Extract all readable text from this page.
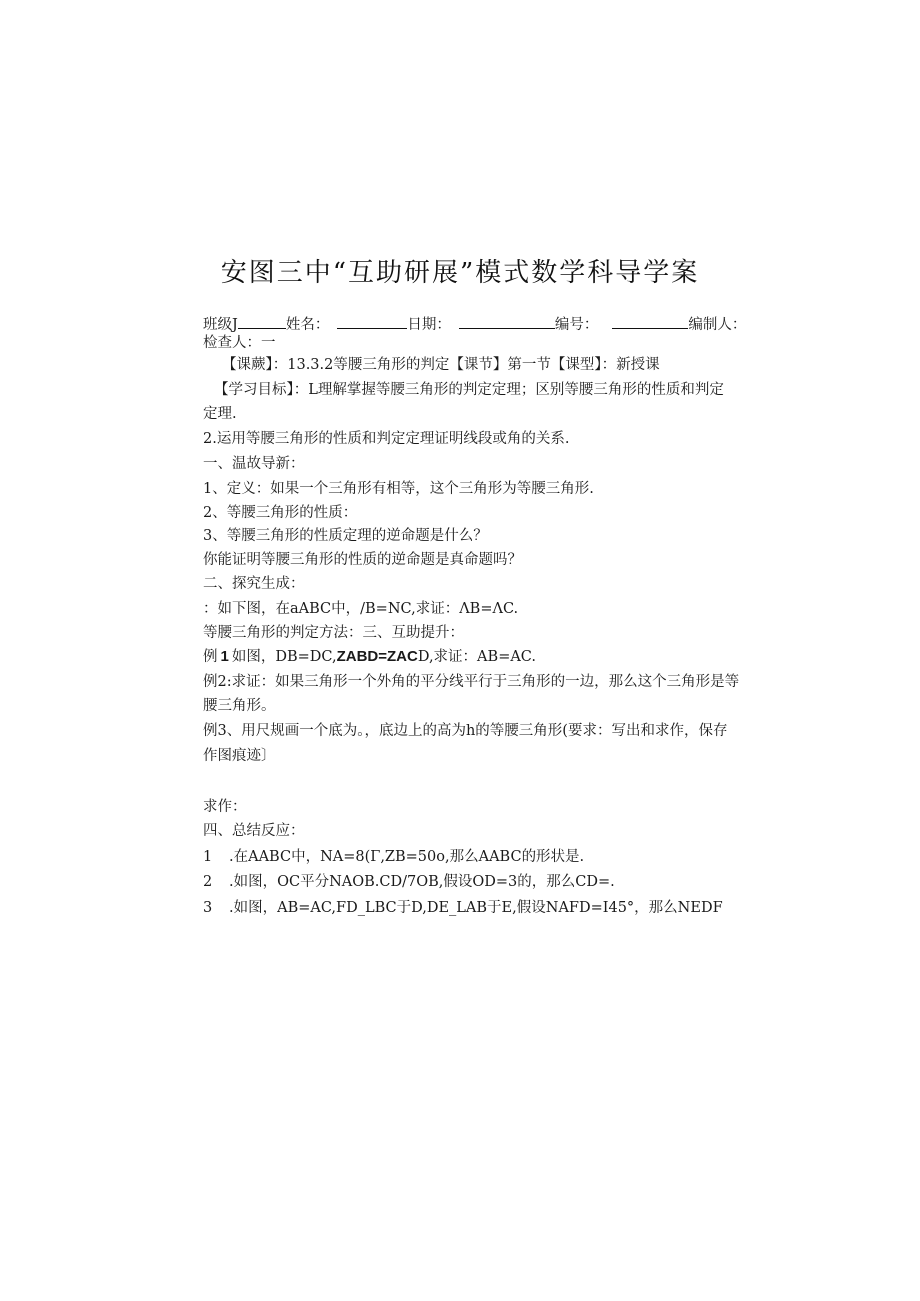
安图三中“互助研展”模式数学科导学案
班级J	姓名：	日期：	编号：	编制人：
检查人：一
【课蕨】：13.3.2等腰三角形的判定【课节】第一节【课型】：新授课
【学习目标】：L理解掌握等腰三角形的判定定理；区别等腰三角形的性质和判定
定理.
2.运用等腰三角形的性质和判定定理证明线段或角的关系.
一、温故导新：
1、定义：如果一个三角形有相等，这个三角形为等腰三角形.
2、等腰三角形的性质：
3、等腰三角形的性质定理的逆命题是什么？
你能证明等腰三角形的性质的逆命题是真命题吗？
二、探究生成：
：如下图，在aABC中，/B=NC,求证：ΛB=ΛC.
等腰三角形的判定方法：三、互助提升：
例 1 如图，DB=DC,ZABD=ZACD,求证：AB=AC.
例2:求证：如果三角形一个外角的平分线平行于三角形的一边，那么这个三角形是等
腰三角形。
例3、用尺规画一个底为。，底边上的高为h的等腰三角形(要求：写出和求作，保存
作图痕迹〕
求作：
四、总结反应：
1 .在AABC中，NA=8(Γ,ZB=50o,那么AABC的形状是.
2 .如图，OC平分NAOB.CD/7OB,假设OD=3的，那么CD=.
3 .如图，AB=AC,FD_LBC于D,DE_LAB于E,假设NAFD=I45°，那么NEDF
